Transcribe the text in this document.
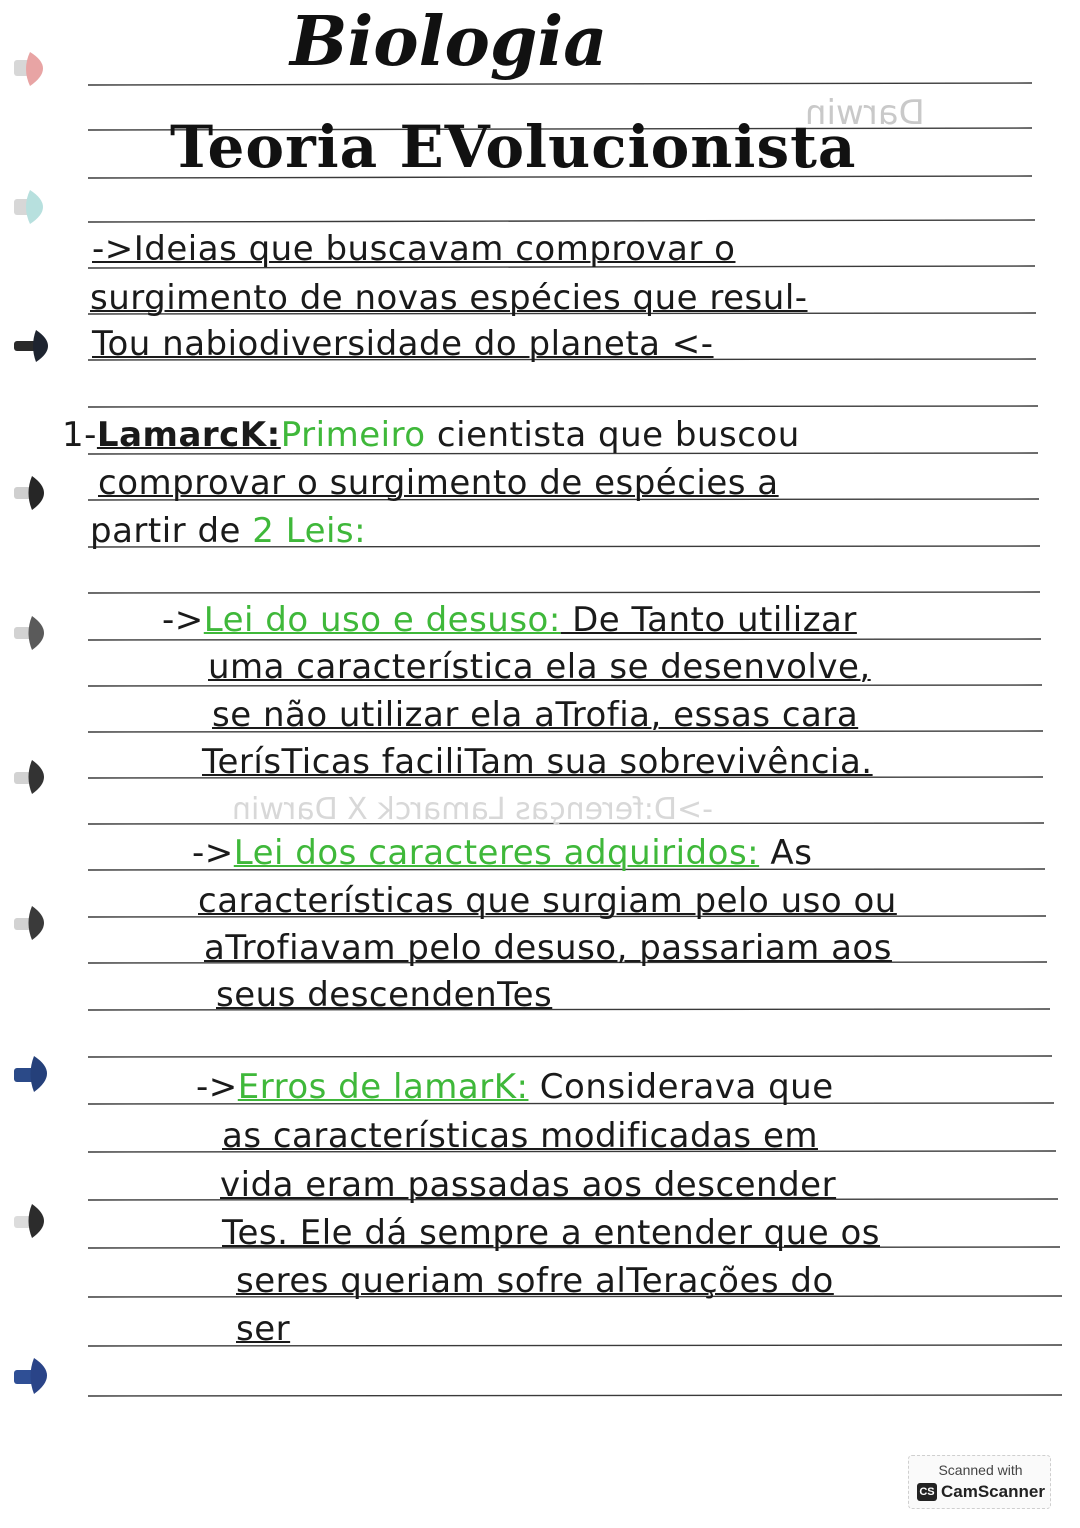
Darwin
->D:ferenças Lamarck X Darwin
Biologia
Teoria EVolucionista
->Ideias que buscavam comprovar o
surgimento de novas espécies que resul-
Tou nabiodiversidade do planeta <-
1-LamarcK:Primeiro cientista que buscou
comprovar o surgimento de espécies a
partir de 2 Leis:
->Lei do uso e desuso: De Tanto utilizar
uma característica ela se desenvolve,
se não utilizar ela aTrofia, essas cara
TerísTicas faciliTam sua sobrevivência.
->Lei dos caracteres adquiridos: As
características que surgiam pelo uso ou
aTrofiavam pelo desuso, passariam aos
seus descendenTes
->Erros de lamarK: Considerava que
as características modificadas em
vida eram passadas aos descender
Tes. Ele dá sempre a entender que os
seres queriam sofre alTerações do
ser
Scanned with
CS CamScanner
